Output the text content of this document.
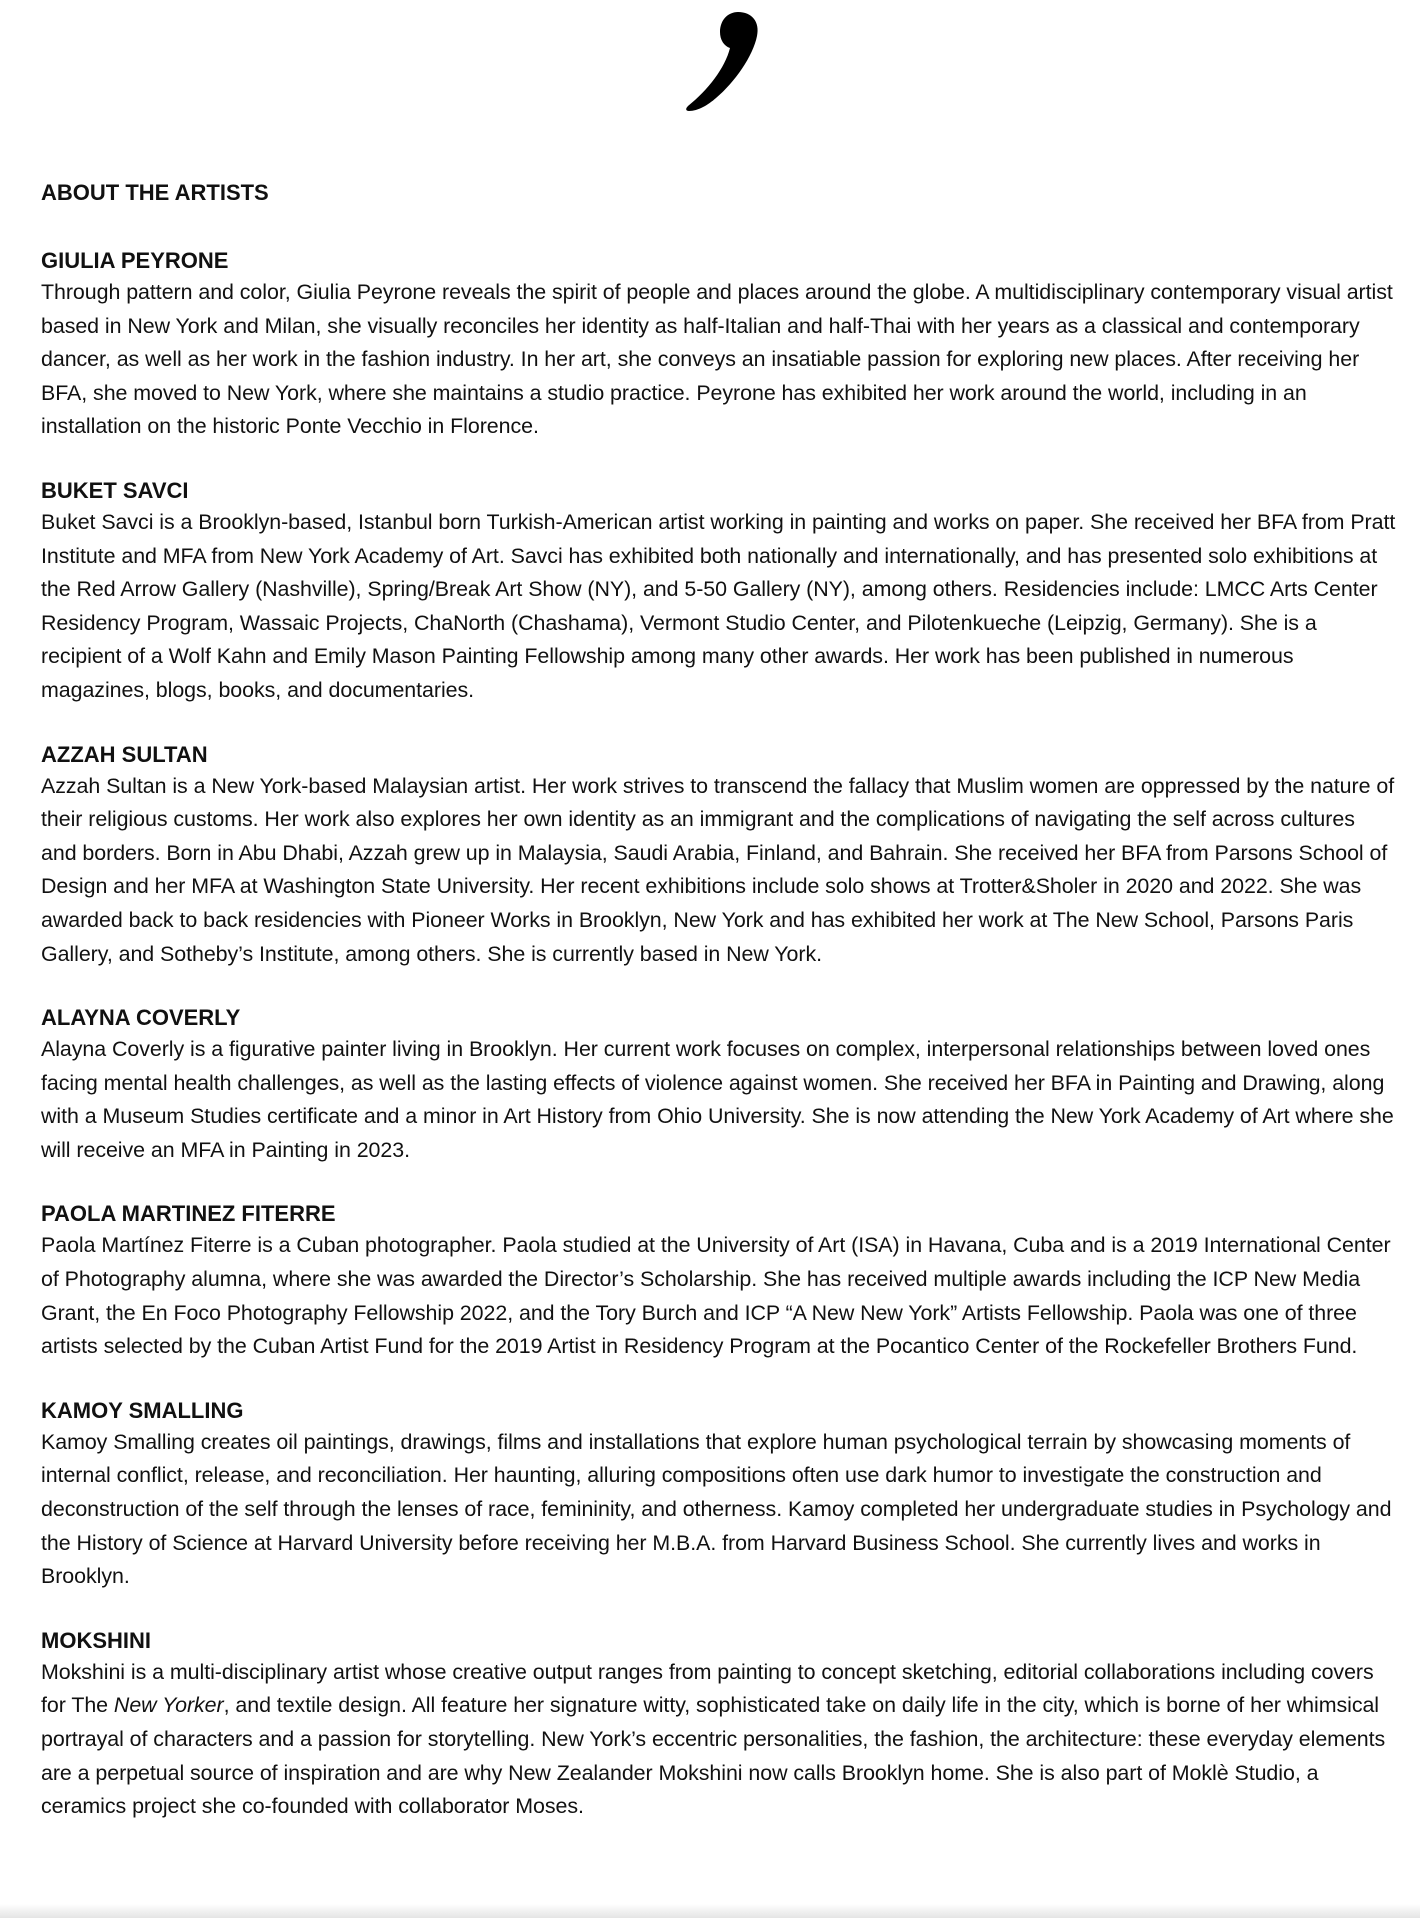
ABOUT THE ARTISTS
GIULIA PEYRONE

Through pattern and color, Giulia Peyrone reveals the spirit of people and places around the globe. A multidisciplinary contemporary visual artist based in New York and Milan, she visually reconciles her identity as half-Italian and half-Thai with her years as a classical and contemporary dancer, as well as her work in the fashion industry. In her art, she conveys an insatiable passion for exploring new places. After receiving her BFA, she moved to New York, where she maintains a studio practice. Peyrone has exhibited her work around the world, including in an installation on the historic Ponte Vecchio in Florence.

BUKET SAVCI

Buket Savci is a Brooklyn-based, Istanbul born Turkish-American artist working in painting and works on paper. She received her BFA from Pratt Institute and MFA from New York Academy of Art. Savci has exhibited both nationally and internationally, and has presented solo exhibitions at the Red Arrow Gallery (Nashville), Spring/Break Art Show (NY), and 5-50 Gallery (NY), among others. Residencies include: LMCC Arts Center Residency Program, Wassaic Projects, ChaNorth (Chashama), Vermont Studio Center, and Pilotenkueche (Leipzig, Germany). She is a recipient of a Wolf Kahn and Emily Mason Painting Fellowship among many other awards. Her work has been published in numerous magazines, blogs, books, and documentaries.

AZZAH SULTAN

Azzah Sultan is a New York-based Malaysian artist. Her work strives to transcend the fallacy that Muslim women are oppressed by the nature of their religious customs. Her work also explores her own identity as an immigrant and the complications of navigating the self across cultures and borders. Born in Abu Dhabi, Azzah grew up in Malaysia, Saudi Arabia, Finland, and Bahrain. She received her BFA from Parsons School of Design and her MFA at Washington State University. Her recent exhibitions include solo shows at Trotter&Sholer in 2020 and 2022. She was awarded back to back residencies with Pioneer Works in Brooklyn, New York and has exhibited her work at The New School, Parsons Paris Gallery, and Sotheby’s Institute, among others. She is currently based in New York.

ALAYNA COVERLY

Alayna Coverly is a figurative painter living in Brooklyn. Her current work focuses on complex, interpersonal relationships between loved ones facing mental health challenges, as well as the lasting effects of violence against women. She received her BFA in Painting and Drawing, along with a Museum Studies certificate and a minor in Art History from Ohio University. She is now attending the New York Academy of Art where she will receive an MFA in Painting in 2023.

PAOLA MARTINEZ FITERRE

Paola Martínez Fiterre is a Cuban photographer. Paola studied at the University of Art (ISA) in Havana, Cuba and is a 2019 International Center of Photography alumna, where she was awarded the Director’s Scholarship. She has received multiple awards including the ICP New Media Grant, the En Foco Photography Fellowship 2022, and the Tory Burch and ICP “A New New York” Artists Fellowship. Paola was one of three artists selected by the Cuban Artist Fund for the 2019 Artist in Residency Program at the Pocantico Center of the Rockefeller Brothers Fund.

KAMOY SMALLING

Kamoy Smalling creates oil paintings, drawings, films and installations that explore human psychological terrain by showcasing moments of internal conflict, release, and reconciliation. Her haunting, alluring compositions often use dark humor to investigate the construction and deconstruction of the self through the lenses of race, femininity, and otherness. Kamoy completed her undergraduate studies in Psychology and the History of Science at Harvard University before receiving her M.B.A. from Harvard Business School. She currently lives and works in Brooklyn.

MOKSHINI

Mokshini is a multi-disciplinary artist whose creative output ranges from painting to concept sketching, editorial collaborations including covers for The New Yorker, and textile design. All feature her signature witty, sophisticated take on daily life in the city, which is borne of her whimsical portrayal of characters and a passion for storytelling. New York’s eccentric personalities, the fashion, the architecture: these everyday elements are a perpetual source of inspiration and are why New Zealander Mokshini now calls Brooklyn home. She is also part of Moklè Studio, a ceramics project she co-founded with collaborator Moses.
